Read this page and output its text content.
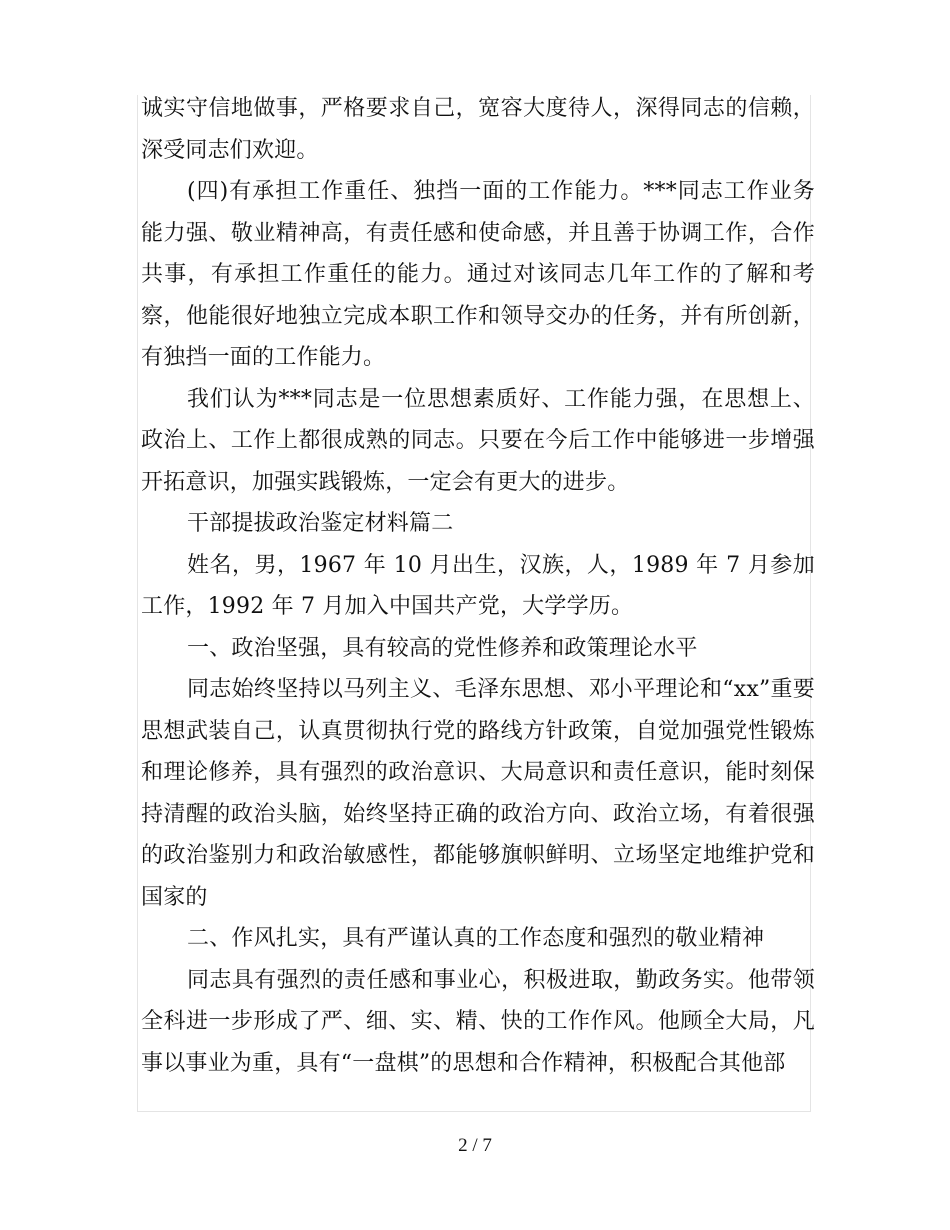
诚实守信地做事，严格要求自己，宽容大度待人，深得同志的信赖，深受同志们欢迎。

(四)有承担工作重任、独挡一面的工作能力。***同志工作业务能力强、敬业精神高，有责任感和使命感，并且善于协调工作，合作共事，有承担工作重任的能力。通过对该同志几年工作的了解和考察，他能很好地独立完成本职工作和领导交办的任务，并有所创新，有独挡一面的工作能力。

我们认为***同志是一位思想素质好、工作能力强，在思想上、政治上、工作上都很成熟的同志。只要在今后工作中能够进一步增强开拓意识，加强实践锻炼，一定会有更大的进步。

干部提拔政治鉴定材料篇二

姓名，男，1967 年 10 月出生，汉族，人，1989 年 7 月参加工作，1992 年 7 月加入中国共产党，大学学历。

一、政治坚强，具有较高的党性修养和政策理论水平

同志始终坚持以马列主义、毛泽东思想、邓小平理论和“xx”重要思想武装自己，认真贯彻执行党的路线方针政策，自觉加强党性锻炼和理论修养，具有强烈的政治意识、大局意识和责任意识，能时刻保持清醒的政治头脑，始终坚持正确的政治方向、政治立场，有着很强的政治鉴别力和政治敏感性，都能够旗帜鲜明、立场坚定地维护党和国家的

二、作风扎实，具有严谨认真的工作态度和强烈的敬业精神

同志具有强烈的责任感和事业心，积极进取，勤政务实。他带领全科进一步形成了严、细、实、精、快的工作作风。他顾全大局，凡事以事业为重，具有“一盘棋”的思想和合作精神，积极配合其他部

2 / 7
